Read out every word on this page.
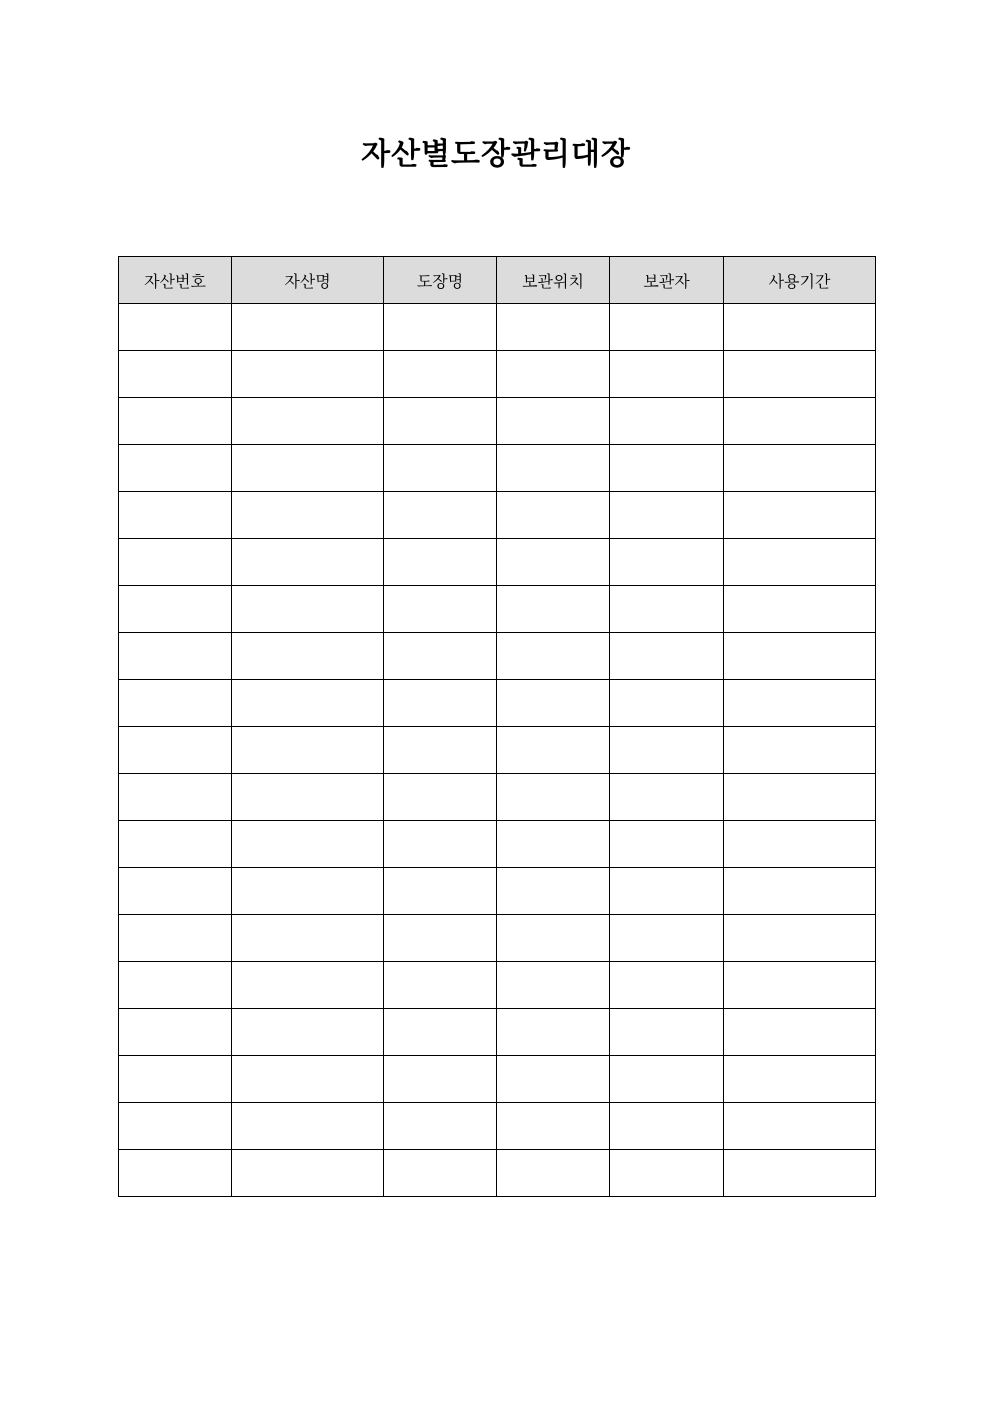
자산별도장관리대장
자산번호	자산명	도장명	보관위치	보관자	사용기간
